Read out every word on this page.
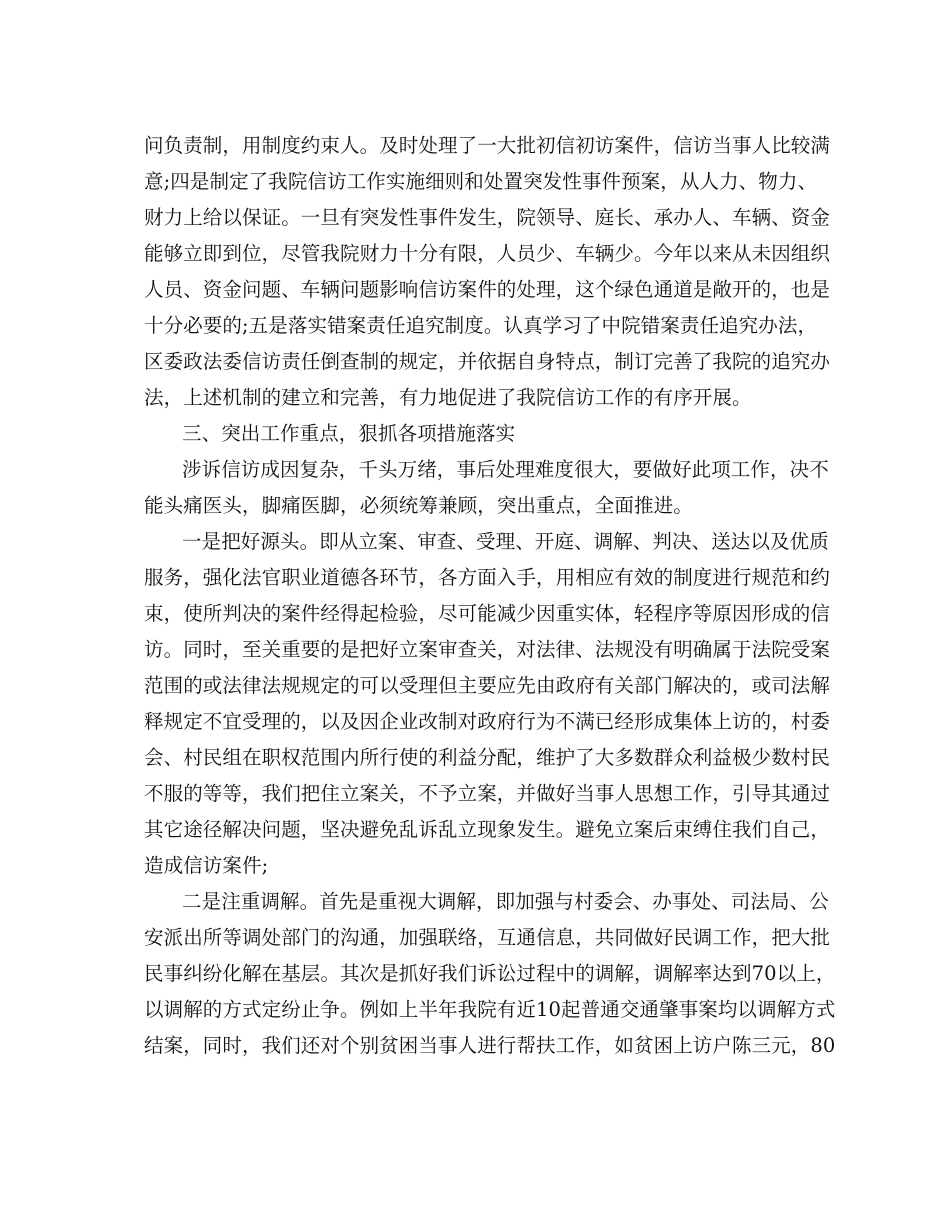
问负责制，用制度约束人。及时处理了一大批初信初访案件，信访当事人比较满
意;四是制定了我院信访工作实施细则和处置突发性事件预案，从人力、物力、
财力上给以保证。一旦有突发性事件发生，院领导、庭长、承办人、车辆、资金
能够立即到位，尽管我院财力十分有限，人员少、车辆少。今年以来从未因组织
人员、资金问题、车辆问题影响信访案件的处理，这个绿色通道是敞开的，也是
十分必要的;五是落实错案责任追究制度。认真学习了中院错案责任追究办法，
区委政法委信访责任倒查制的规定，并依据自身特点，制订完善了我院的追究办
法，上述机制的建立和完善，有力地促进了我院信访工作的有序开展。
三、突出工作重点，狠抓各项措施落实
涉诉信访成因复杂，千头万绪，事后处理难度很大，要做好此项工作，决不
能头痛医头，脚痛医脚，必须统筹兼顾，突出重点，全面推进。
一是把好源头。即从立案、审查、受理、开庭、调解、判决、送达以及优质
服务，强化法官职业道德各环节，各方面入手，用相应有效的制度进行规范和约
束，使所判决的案件经得起检验，尽可能减少因重实体，轻程序等原因形成的信
访。同时，至关重要的是把好立案审查关，对法律、法规没有明确属于法院受案
范围的或法律法规规定的可以受理但主要应先由政府有关部门解决的，或司法解
释规定不宜受理的，以及因企业改制对政府行为不满已经形成集体上访的，村委
会、村民组在职权范围内所行使的利益分配，维护了大多数群众利益极少数村民
不服的等等，我们把住立案关，不予立案，并做好当事人思想工作，引导其通过
其它途径解决问题，坚决避免乱诉乱立现象发生。避免立案后束缚住我们自己，
造成信访案件;
二是注重调解。首先是重视大调解，即加强与村委会、办事处、司法局、公
安派出所等调处部门的沟通，加强联络，互通信息，共同做好民调工作，把大批
民事纠纷化解在基层。其次是抓好我们诉讼过程中的调解，调解率达到70以上，
以调解的方式定纷止争。例如上半年我院有近10起普通交通肇事案均以调解方式
结案，同时，我们还对个别贫困当事人进行帮扶工作，如贫困上访户陈三元，80
